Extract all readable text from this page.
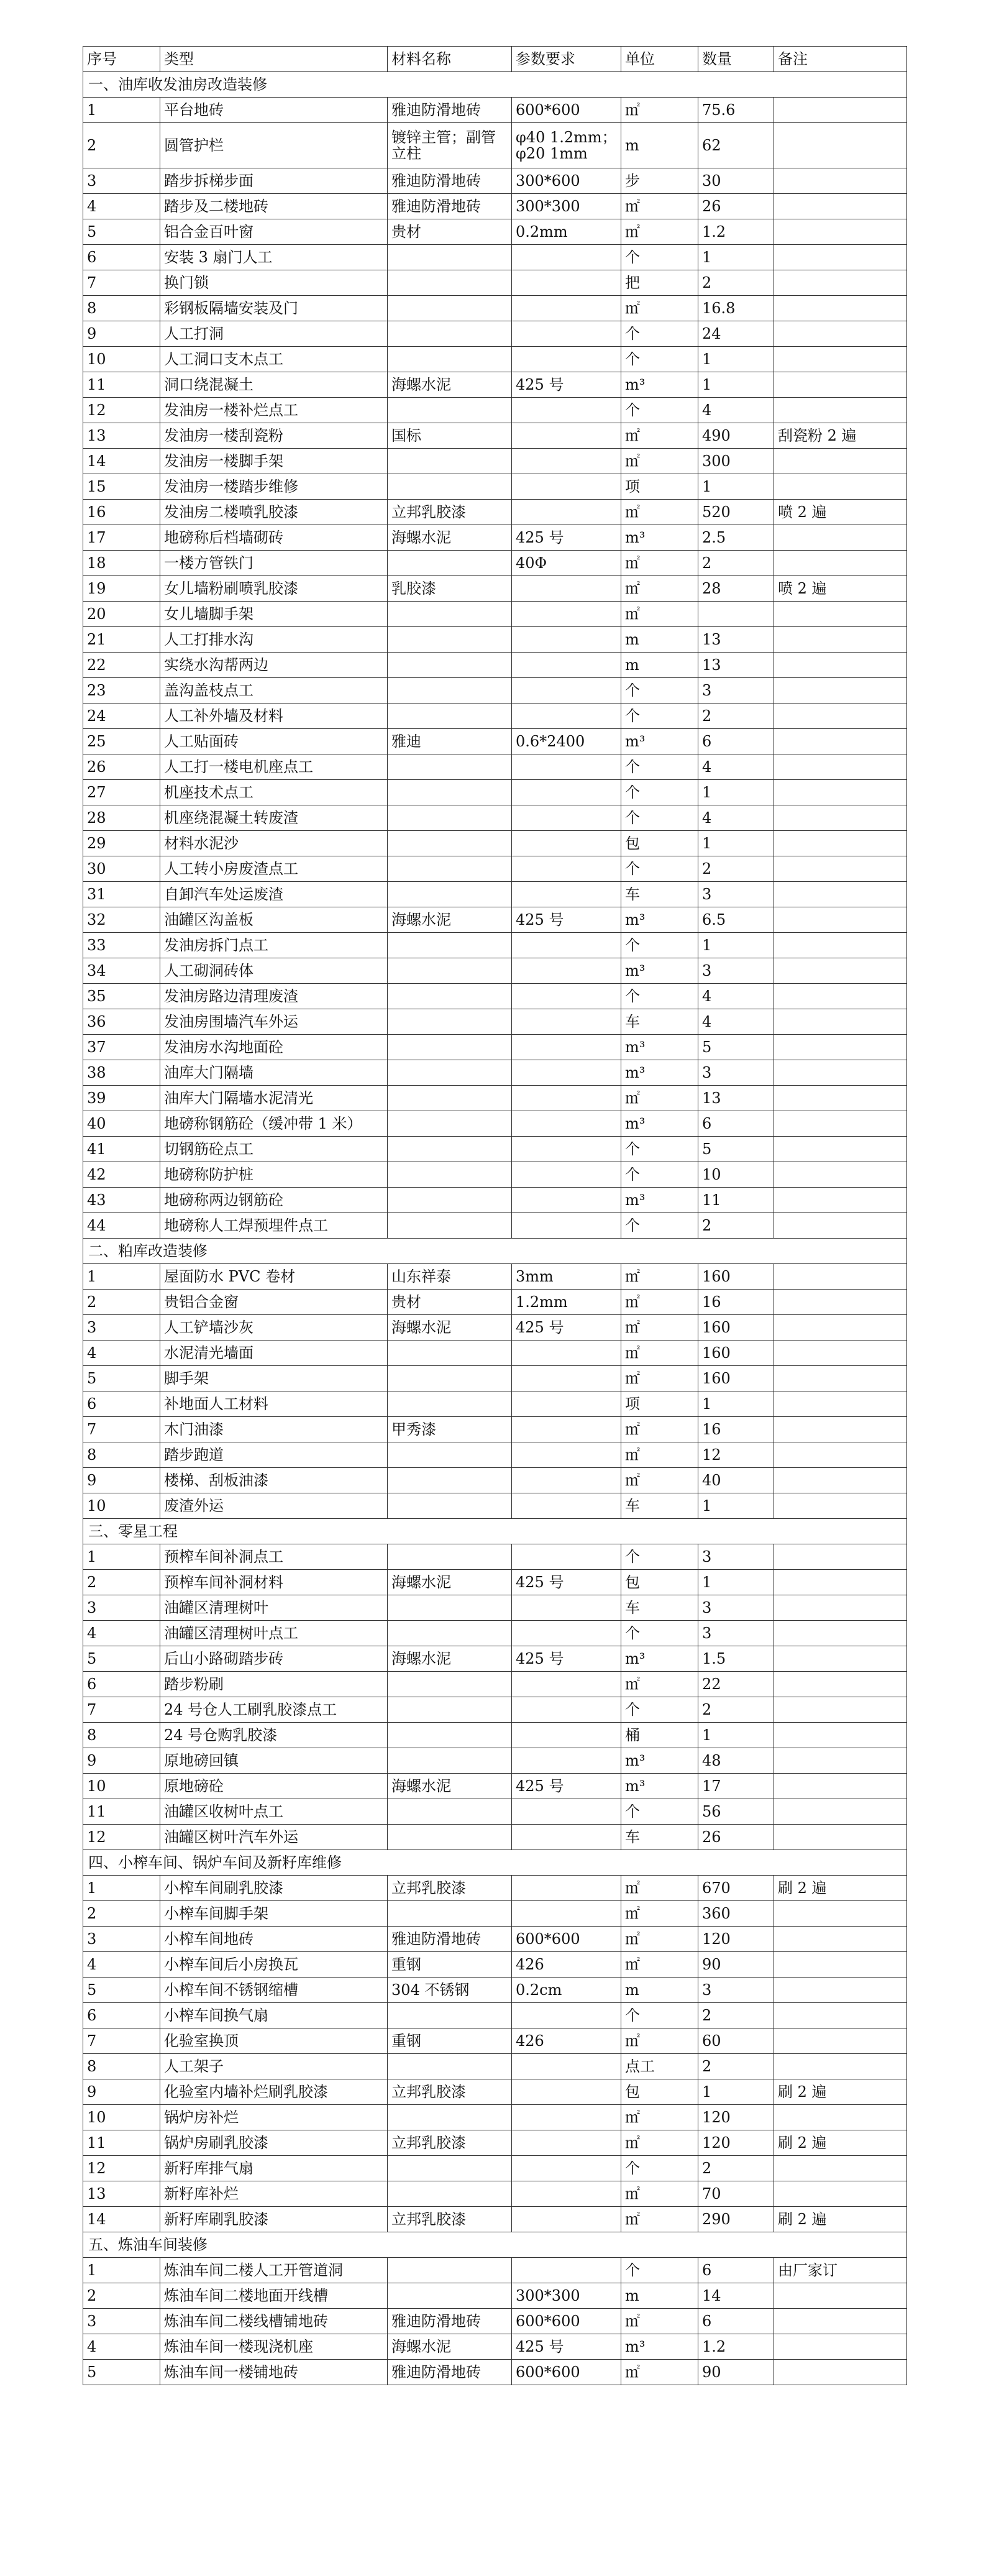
序号	类型	材料名称	参数要求	单位	数量	备注
一、油库收发油房改造装修						
1	平台地砖	雅迪防滑地砖	600*600	㎡	75.6	
2	圆管护栏	镀锌主管；副管立柱	φ40 1.2mm；φ20 1mm	m	62	
3	踏步拆梯步面	雅迪防滑地砖	300*600	步	30	
4	踏步及二楼地砖	雅迪防滑地砖	300*300	㎡	26	
5	铝合金百叶窗	贵材	0.2mm	㎡	1.2	
6	安装 3 扇门人工			个	1	
7	换门锁			把	2	
8	彩钢板隔墙安装及门			㎡	16.8	
9	人工打洞			个	24	
10	人工洞口支木点工			个	1	
11	洞口绕混凝土	海螺水泥	425 号	m³	1	
12	发油房一楼补烂点工			个	4	
13	发油房一楼刮瓷粉	国标		㎡	490	刮瓷粉 2 遍
14	发油房一楼脚手架			㎡	300	
15	发油房一楼踏步维修			项	1	
16	发油房二楼喷乳胶漆	立邦乳胶漆		㎡	520	喷 2 遍
17	地磅称后档墙砌砖	海螺水泥	425 号	m³	2.5	
18	一楼方管铁门		40Φ	㎡	2	
19	女儿墙粉刷喷乳胶漆	乳胶漆		㎡	28	喷 2 遍
20	女儿墙脚手架			㎡		
21	人工打排水沟			m	13	
22	实绕水沟帮两边			m	13	
23	盖沟盖枝点工			个	3	
24	人工补外墙及材料			个	2	
25	人工贴面砖	雅迪	0.6*2400	m³	6	
26	人工打一楼电机座点工			个	4	
27	机座技术点工			个	1	
28	机座绕混凝土转废渣			个	4	
29	材料水泥沙			包	1	
30	人工转小房废渣点工			个	2	
31	自卸汽车处运废渣			车	3	
32	油罐区沟盖板	海螺水泥	425 号	m³	6.5	
33	发油房拆门点工			个	1	
34	人工砌洞砖体			m³	3	
35	发油房路边清理废渣			个	4	
36	发油房围墙汽车外运			车	4	
37	发油房水沟地面砼			m³	5	
38	油库大门隔墙			m³	3	
39	油库大门隔墙水泥清光			㎡	13	
40	地磅称钢筋砼（缓冲带 1 米）			m³	6	
41	切钢筋砼点工			个	5	
42	地磅称防护桩			个	10	
43	地磅称两边钢筋砼			m³	11	
44	地磅称人工焊预埋件点工			个	2	
二、粕库改造装修						
1	屋面防水 PVC 卷材	山东祥泰	3mm	㎡	160	
2	贵铝合金窗	贵材	1.2mm	㎡	16	
3	人工铲墙沙灰	海螺水泥	425 号	㎡	160	
4	水泥清光墙面			㎡	160	
5	脚手架			㎡	160	
6	补地面人工材料			项	1	
7	木门油漆	甲秀漆		㎡	16	
8	踏步跑道			㎡	12	
9	楼梯、刮板油漆			㎡	40	
10	废渣外运			车	1	
三、零星工程						
1	预榨车间补洞点工			个	3	
2	预榨车间补洞材料	海螺水泥	425 号	包	1	
3	油罐区清理树叶			车	3	
4	油罐区清理树叶点工			个	3	
5	后山小路砌踏步砖	海螺水泥	425 号	m³	1.5	
6	踏步粉刷			㎡	22	
7	24 号仓人工刷乳胶漆点工			个	2	
8	24 号仓购乳胶漆			桶	1	
9	原地磅回镇			m³	48	
10	原地磅砼	海螺水泥	425 号	m³	17	
11	油罐区收树叶点工			个	56	
12	油罐区树叶汽车外运			车	26	
四、小榨车间、锅炉车间及新籽库维修						
1	小榨车间刷乳胶漆	立邦乳胶漆		㎡	670	刷 2 遍
2	小榨车间脚手架			㎡	360	
3	小榨车间地砖	雅迪防滑地砖	600*600	㎡	120	
4	小榨车间后小房换瓦	重钢	426	㎡	90	
5	小榨车间不锈钢缩槽	304 不锈钢	0.2cm	m	3	
6	小榨车间换气扇			个	2	
7	化验室换顶	重钢	426	㎡	60	
8	人工架子			点工	2	
9	化验室内墙补烂刷乳胶漆	立邦乳胶漆		包	1	刷 2 遍
10	锅炉房补烂			㎡	120	
11	锅炉房刷乳胶漆	立邦乳胶漆		㎡	120	刷 2 遍
12	新籽库排气扇			个	2	
13	新籽库补烂			㎡	70	
14	新籽库刷乳胶漆	立邦乳胶漆		㎡	290	刷 2 遍
五、炼油车间装修						
1	炼油车间二楼人工开管道洞			个	6	由厂家订
2	炼油车间二楼地面开线槽		300*300	m	14	
3	炼油车间二楼线槽铺地砖	雅迪防滑地砖	600*600	㎡	6	
4	炼油车间一楼现浇机座	海螺水泥	425 号	m³	1.2	
5	炼油车间一楼铺地砖	雅迪防滑地砖	600*600	㎡	90	
